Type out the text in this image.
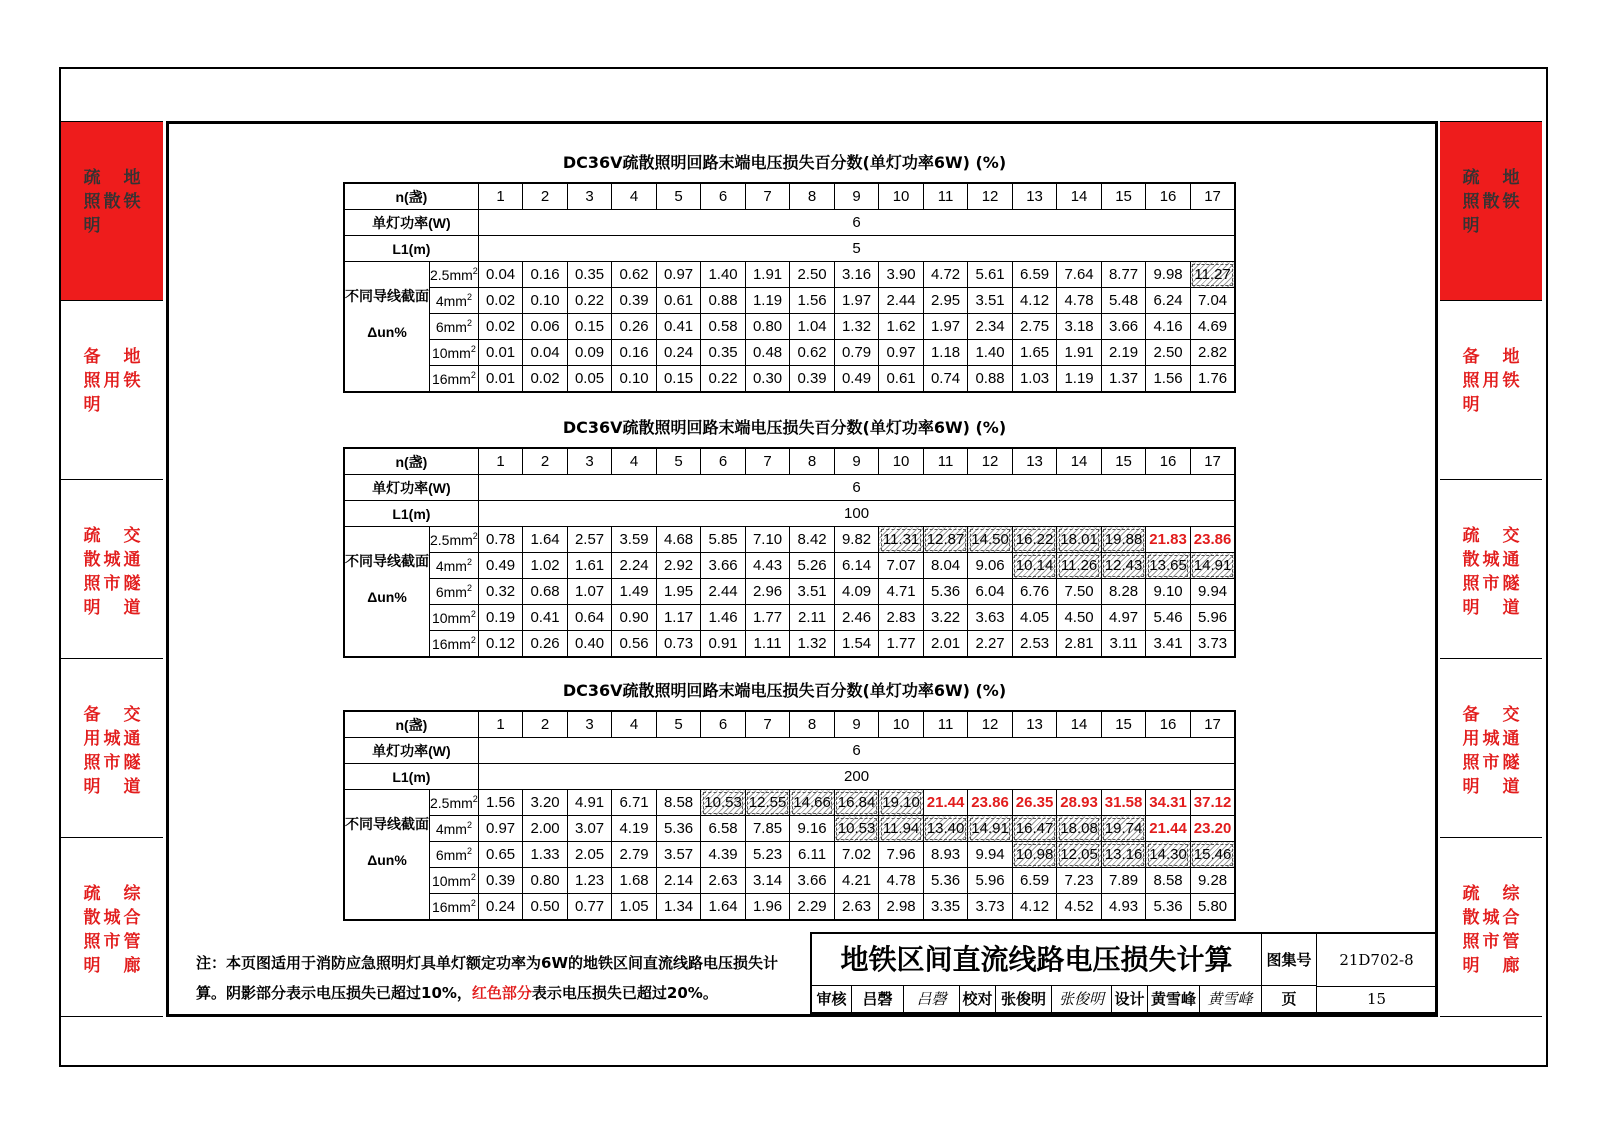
疏
照
明
散
地
铁
备
照
明
用
地
铁
疏
散
照
明
城
市
交
通
隧
道
备
用
照
明
城
市
交
通
隧
道
疏
散
照
明
城
市
综
合
管
廊
疏
照
明
散
地
铁
备
照
明
用
地
铁
疏
散
照
明
城
市
交
通
隧
道
备
用
照
明
城
市
交
通
隧
道
疏
散
照
明
城
市
综
合
管
廊
DC36V疏散照明回路末端电压损失百分数(单灯功率6W) (%)
n(盏)		1	2	3	4	5	6	7	8	9	10	11	12	13	14	15	16	17
单灯功率(W)		6																
L1(m)		5																

不同导线截面
Δun%	$2.5mm^2$	0.04	0.16	0.35	0.62	0.97	1.40	1.91	2.50	3.16	3.90	4.72	5.61	6.59	7.64	8.77	9.98	11.27
	$4mm^2$	0.02	0.10	0.22	0.39	0.61	0.88	1.19	1.56	1.97	2.44	2.95	3.51	4.12	4.78	5.48	6.24	7.04
	$6mm^2$	0.02	0.06	0.15	0.26	0.41	0.58	0.80	1.04	1.32	1.62	1.97	2.34	2.75	3.18	3.66	4.16	4.69
	$10mm^2$	0.01	0.04	0.09	0.16	0.24	0.35	0.48	0.62	0.79	0.97	1.18	1.40	1.65	1.91	2.19	2.50	2.82
	$16mm^2$	0.01	0.02	0.05	0.10	0.15	0.22	0.30	0.39	0.49	0.61	0.74	0.88	1.03	1.19	1.37	1.56	1.76
DC36V疏散照明回路末端电压损失百分数(单灯功率6W) (%)
n(盏)		1	2	3	4	5	6	7	8	9	10	11	12	13	14	15	16	17
单灯功率(W)		6																
L1(m)		100																

不同导线截面
Δun%	$2.5mm^2$	0.78	1.64	2.57	3.59	4.68	5.85	7.10	8.42	9.82	11.31	12.87	14.50	16.22	18.01	19.88	21.83	23.86
	$4mm^2$	0.49	1.02	1.61	2.24	2.92	3.66	4.43	5.26	6.14	7.07	8.04	9.06	10.14	11.26	12.43	13.65	14.91
	$6mm^2$	0.32	0.68	1.07	1.49	1.95	2.44	2.96	3.51	4.09	4.71	5.36	6.04	6.76	7.50	8.28	9.10	9.94
	$10mm^2$	0.19	0.41	0.64	0.90	1.17	1.46	1.77	2.11	2.46	2.83	3.22	3.63	4.05	4.50	4.97	5.46	5.96
	$16mm^2$	0.12	0.26	0.40	0.56	0.73	0.91	1.11	1.32	1.54	1.77	2.01	2.27	2.53	2.81	3.11	3.41	3.73
DC36V疏散照明回路末端电压损失百分数(单灯功率6W) (%)
n(盏)		1	2	3	4	5	6	7	8	9	10	11	12	13	14	15	16	17
单灯功率(W)		6																
L1(m)		200																

不同导线截面
Δun%	$2.5mm^2$	1.56	3.20	4.91	6.71	8.58	10.53	12.55	14.66	16.84	19.10	21.44	23.86	26.35	28.93	31.58	34.31	37.12
	$4mm^2$	0.97	2.00	3.07	4.19	5.36	6.58	7.85	9.16	10.53	11.94	13.40	14.91	16.47	18.08	19.74	21.44	23.20
	$6mm^2$	0.65	1.33	2.05	2.79	3.57	4.39	5.23	6.11	7.02	7.96	8.93	9.94	10.98	12.05	13.16	14.30	15.46
	$10mm^2$	0.39	0.80	1.23	1.68	2.14	2.63	3.14	3.66	4.21	4.78	5.36	5.96	6.59	7.23	7.89	8.58	9.28
	$16mm^2$	0.24	0.50	0.77	1.05	1.34	1.64	1.96	2.29	2.63	2.98	3.35	3.73	4.12	4.52	4.93	5.36	5.80
注：本页图适用于消防应急照明灯具单灯额定功率为6W的地铁区间直流线路电压损失计算。阴影部分表示电压损失已超过10%，红色部分表示电压损失已超过20%。
地铁区间直流线路电压损失计算	图集号	21D702-8
审核	吕磬	吕磬	校对 张俊明 张俊明 设计 黄雪峰 黄雪峰	页	15
